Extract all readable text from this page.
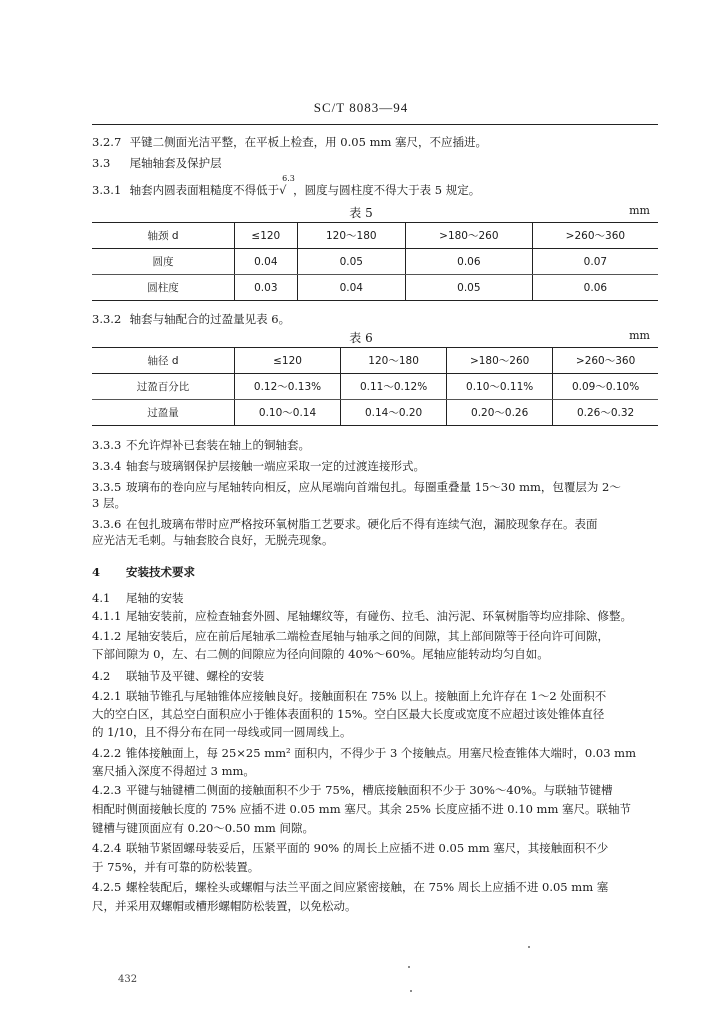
SC/T 8083—94
3.2.7 平键二侧面光洁平整，在平板上检查，用 0.05 mm 塞尺，不应插进。
3.3 尾轴轴套及保护层
3.3.1 轴套内圆表面粗糙度不得低于
6.3
√ ，圆度与圆柱度不得大于表 5 规定。
表 5	mm
轴颈 d	≤120	120～180	>180～260	>260～360
圆度	0.04	0.05	0.06	0.07
圆柱度	0.03	0.04	0.05	0.06
3.3.2 轴套与轴配合的过盈量见表 6。
表 6	mm
轴径 d	≤120	120～180	>180～260	>260～360
过盈百分比	0.12～0.13%	0.11～0.12%	0.10～0.11%	0.09～0.10%
过盈量	0.10～0.14	0.14～0.20	0.20～0.26	0.26～0.32
3.3.3 不允许焊补已套装在轴上的铜轴套。
3.3.4 轴套与玻璃钢保护层接触一端应采取一定的过渡连接形式。
3.3.5 玻璃布的卷向应与尾轴转向相反，应从尾端向首端包扎。每圈重叠量 15～30 mm，包覆层为 2～
3 层。
3.3.6 在包扎玻璃布带时应严格按环氧树脂工艺要求。硬化后不得有连续气泡，漏胶现象存在。表面
应光洁无毛刺。与轴套胶合良好，无脱壳现象。
4 安装技术要求
4.1 尾轴的安装
4.1.1 尾轴安装前，应检查轴套外圆、尾轴螺纹等，有碰伤、拉毛、油污泥、环氧树脂等均应排除、修整。
4.1.2 尾轴安装后，应在前后尾轴承二端检查尾轴与轴承之间的间隙，其上部间隙等于径向许可间隙，
下部间隙为 0，左、右二侧的间隙应为径向间隙的 40%～60%。尾轴应能转动均匀自如。
4.2 联轴节及平键、螺栓的安装
4.2.1 联轴节锥孔与尾轴锥体应接触良好。接触面积在 75% 以上。接触面上允许存在 1～2 处面积不
大的空白区，其总空白面积应小于锥体表面积的 15%。空白区最大长度或宽度不应超过该处锥体直径
的 1/10，且不得分布在同一母线或同一圆周线上。
4.2.2 锥体接触面上，每 25×25 mm² 面积内，不得少于 3 个接触点。用塞尺检查锥体大端时，0.03 mm
塞尺插入深度不得超过 3 mm。
4.2.3 平键与轴键槽二侧面的接触面积不少于 75%，槽底接触面积不少于 30%～40%。与联轴节键槽
相配时侧面接触长度的 75% 应插不进 0.05 mm 塞尺。其余 25% 长度应插不进 0.10 mm 塞尺。联轴节
键槽与键顶面应有 0.20～0.50 mm 间隙。
4.2.4 联轴节紧固螺母装妥后，压紧平面的 90% 的周长上应插不进 0.05 mm 塞尺，其接触面积不少
于 75%，并有可靠的防松装置。
4.2.5 螺栓装配后，螺栓头或螺帽与法兰平面之间应紧密接触，在 75% 周长上应插不进 0.05 mm 塞
尺，并采用双螺帽或槽形螺帽防松装置，以免松动。
432
